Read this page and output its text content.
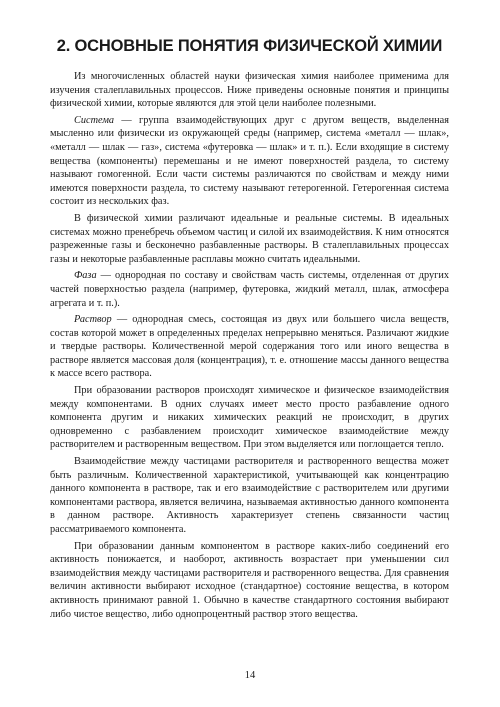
2. ОСНОВНЫЕ ПОНЯТИЯ ФИЗИЧЕСКОЙ ХИМИИ

Из многочисленных областей науки физическая химия наиболее применима для изучения сталеплавильных процессов. Ниже приведены основные понятия и принципы физической химии, которые являются для этой цели наиболее полезными.

Система — группа взаимодействующих друг с другом веществ, выделенная мысленно или физически из окружающей среды (например, система «металл — шлак», «металл — шлак — газ», система «футеровка — шлак» и т. п.). Если входящие в систему вещества (компоненты) перемешаны и не имеют поверхностей раздела, то систему называют гомогенной. Если части системы различаются по свойствам и между ними имеются поверхности раздела, то систему называют гетерогенной. Гетерогенная система состоит из нескольких фаз.

В физической химии различают идеальные и реальные системы. В идеальных системах можно пренебречь объемом частиц и силой их взаимодействия. К ним относятся разреженные газы и бесконечно разбавленные растворы. В сталеплавильных процессах газы и некоторые разбавленные расплавы можно считать идеальными.

Фаза — однородная по составу и свойствам часть системы, отделенная от других частей поверхностью раздела (например, футеровка, жидкий металл, шлак, атмосфера агрегата и т. п.).

Раствор — однородная смесь, состоящая из двух или большего числа веществ, состав которой может в определенных пределах непрерывно меняться. Различают жидкие и твердые растворы. Количественной мерой содержания того или иного вещества в растворе является массовая доля (концентрация), т. е. отношение массы данного вещества к массе всего раствора.

При образовании растворов происходят химическое и физическое взаимодействия между компонентами. В одних случаях имеет место просто разбавление одного компонента другим и никаких химических реакций не происходит, в других одновременно с разбавлением происходит химическое взаимодействие между растворителем и растворенным веществом. При этом выделяется или поглощается тепло.

Взаимодействие между частицами растворителя и растворенного вещества может быть различным. Количественной характеристикой, учитывающей как концентрацию данного компонента в растворе, так и его взаимодействие с растворителем или другими компонентами раствора, является величина, называемая активностью данного компонента в данном растворе. Активность характеризует степень связанности частиц рассматриваемого компонента.

При образовании данным компонентом в растворе каких-либо соединений его активность понижается, и наоборот, активность возрастает при уменьшении сил взаимодействия между частицами растворителя и растворенного вещества. Для сравнения величин активности выбирают исходное (стандартное) состояние вещества, в котором активность принимают равной 1. Обычно в качестве стандартного состояния выбирают либо чистое вещество, либо однопроцентный раствор этого вещества.

14
